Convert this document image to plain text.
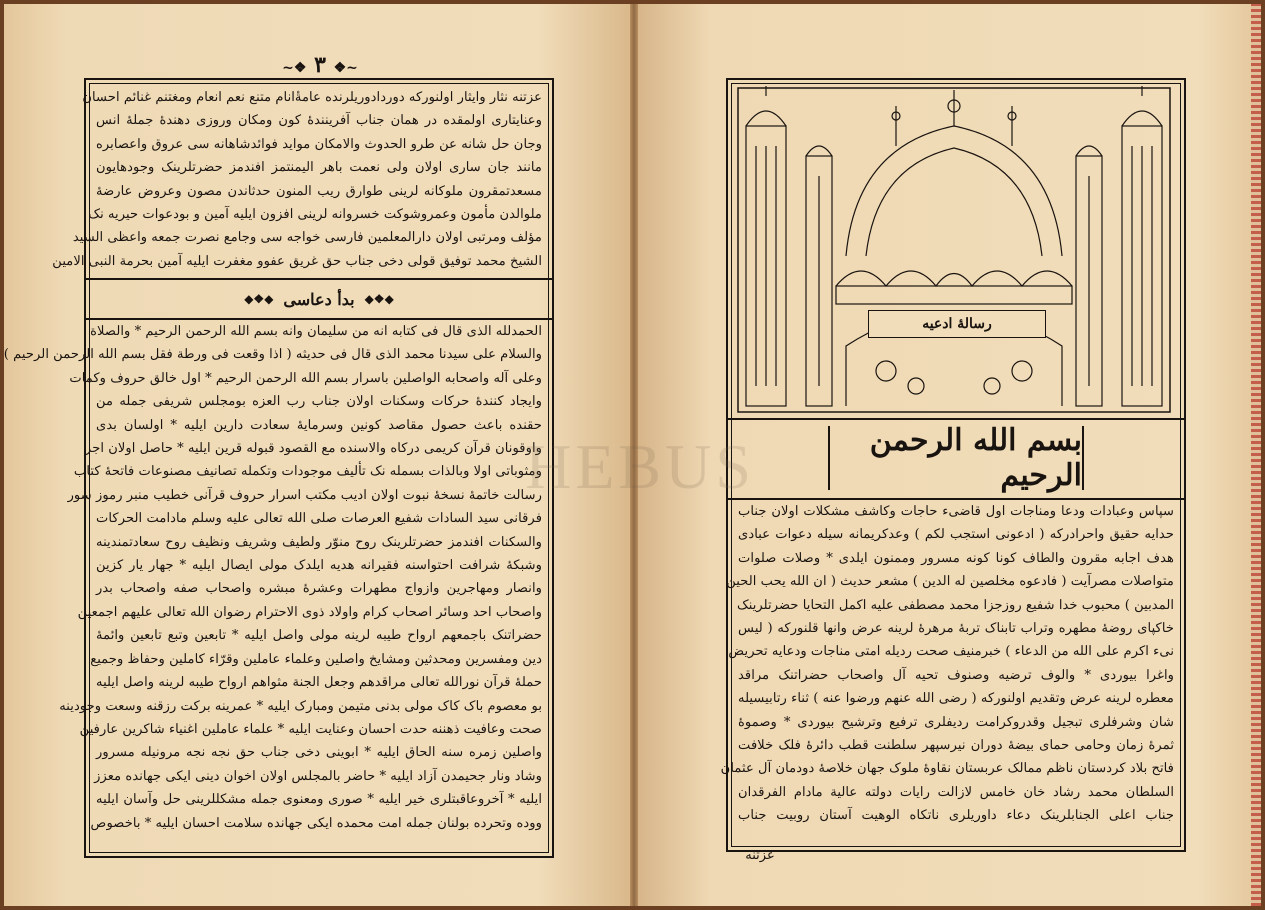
~❖ ٣ ❖~
عزتنه نثار وایثار اولنورکه دوردادوریلرنده عامةٔانام متنع نعم انعام ومغتنم غنائم احسان
وعنایتاری اولمقده در همان جناب آفرینندهٔ کون ومکان وروزی دهندهٔ جملهٔ انس
وجان حل شانه عن طرو الحدوث والامکان مواید فوائدشاهانه سی عروق واعصابره
مانند جان ساری اولان ولی نعمت باهر الیمنتمز افندمز حضرتلرینک وجودهایون
مسعدتمقرون ملوکانه لرینی طوارق ریب المنون حدثاندن مصون وعروض عارضهٔ
ملوالدن مأمون وعمروشوکت خسروانه لرینی افزون ایلیه آمین و بودعوات حیریه نک
مؤلف ومرتبی اولان دارالمعلمین فارسی خواجه سی وجامع نصرت جمعه واعظی السید
الشیخ محمد توفیق قولی دخی جناب حق غریق عفوو مغفرت ایلیه آمین بحرمة النبی الامین
◆❖◆
بدأ دعاسی
◆❖◆
الحمدلله الذی قال فی کتابه انه من سلیمان وانه بسم الله الرحمن الرحیم * والصلاة
والسلام علی سیدنا محمد الذی قال فی حدیثه ( اذا وقعت فی ورطة فقل بسم الله الرحمن الرحیم )
وعلی آله واصحابه الواصلین باسرار بسم الله الرحمن الرحیم * اول خالق حروف وکمات
وایجاد کنندهٔ حرکات وسکنات اولان جناب رب العزه بومجلس شریفی جمله من
حقنده باعث حصول مقاصد کونین وسرمایهٔ سعادت دارین ایلیه * اولسان بدی
واوقونان قرآن کریمی درکاه والاسنده مع القصود قبوله قرین ایلیه * حاصل اولان اجر
ومثوباتی اولا وبالذات بسمله نک تألیف موجودات وتکمله تصانیف مصنوعات فاتحهٔ کتاب
رسالت خاتمهٔ نسخهٔ نبوت اولان ادیب مکتب اسرار حروف قرآنی خطیب منبر رموز سور
فرقانی سید السادات شفیع العرصات صلی الله تعالی علیه وسلم مادامت الحرکات
والسکنات افندمز حضرتلرینک روح منوّر ولطیف وشریف ونظیف روح سعادتمندینه
وشبکهٔ شرافت احتواسنه فقیرانه هدیه ایلدک مولی ایصال ایلیه * جهار یار کزین
وانصار ومهاجرین وازواج مطهرات وعشرهٔ مبشره واصحاب صفه واصحاب بدر
واصحاب احد وسائر اصحاب کرام واولاد ذوی الاحترام رضوان الله تعالی علیهم اجمعین
حضراتنک باجمعهم ارواح طیبه لرینه مولی واصل ایلیه * تابعین وتبع تابعین وائمهٔ
دین ومفسرین ومحدثین ومشایخ واصلین وعلماء عاملین وقرّاء کاملین وحفاظ وجمیع
حملهٔ قرآن نورالله تعالی مراقدهم وجعل الجنة مثواهم ارواح طیبه لرینه واصل ایلیه
بو معصوم باک کاک مولی بدنی متیمن ومبارک ایلیه * عمرینه برکت رزقنه وسعت وجودینه
صحت وعافیت ذهننه حدت احسان وعنایت ایلیه * علماء عاملین اغنیاء شاکرین عارفین
واصلین زمره سنه الحاق ایلیه * ابوینی دخی جناب حق نجه نجه مرونیله مسرور
وشاد ونار جحیمدن آزاد ایلیه * حاضر بالمجلس اولان اخوان دینی ایکی جهانده معزز
ایلیه * آخروعاقبتلری خیر ایلیه * صوری ومعنوی جمله مشکللرینی حل وآسان ایلیه
ووده وتحرده بولنان جمله امت محمده ایکی جهانده سلامت احسان ایلیه * باخصوص
رسالهٔ ادعیه
بسم الله الرحمن الرحیم
سپاس وعبادات ودعا ومناجات اول قاضیء حاجات وکاشف مشکلات اولان جناب
حدایه حقیق واحرادرکه ( ادعونی استجب لکم ) وعدکریمانه سیله دعوات عبادی
هدف اجابه مقرون والطاف کونا کونه مسرور وممنون ایلدی * وصلات صلوات
متواصلات مصرآیت ( فادعوه مخلصین له الدین ) مشعر حدیث ( ان الله یحب الحین
المدبین ) محبوب خدا شفیع روزجزا محمد مصطفی علیه اکمل التحایا حضرتلرینک
خاکپای روضهٔ مطهره وتراب تابناک تربهٔ مرهرهٔ لرینه عرض وانها قلنورکه ( لیس
نیء اکرم علی الله من الدعاء ) خبرمنیف صحت ردیله امتی مناجات ودعایه تحریض
واغرا بیوردی * والوف ترضیه وصنوف تحیه آل واصحاب حضراتنک مراقد
معطره لرینه عرض وتقدیم اولنورکه ( رضی الله عنهم ورضوا عنه ) ثناء رتابیسیله
شان وشرفلری تبجیل وقدروکرامت ردیفلری ترفیع وترشیح بیوردی * وصموهٔ
ثمرهٔ زمان وحامی حمای بیضهٔ دوران نیرسپهر سلطنت قطب دائرهٔ فلک خلافت
فاتح بلاد کردستان ناظم ممالک عربستان نقاوهٔ ملوک جهان خلاصهٔ دودمان آل عثمان
السلطان محمد رشاد خان خامس لازالت رایات دولته عالیة مادام الفرقدان
جناب اعلی الجنابلرینک دعاء داوریلری ناتکاه الوهیت آستان روبیت جناب
عزتنه
HEBUS
